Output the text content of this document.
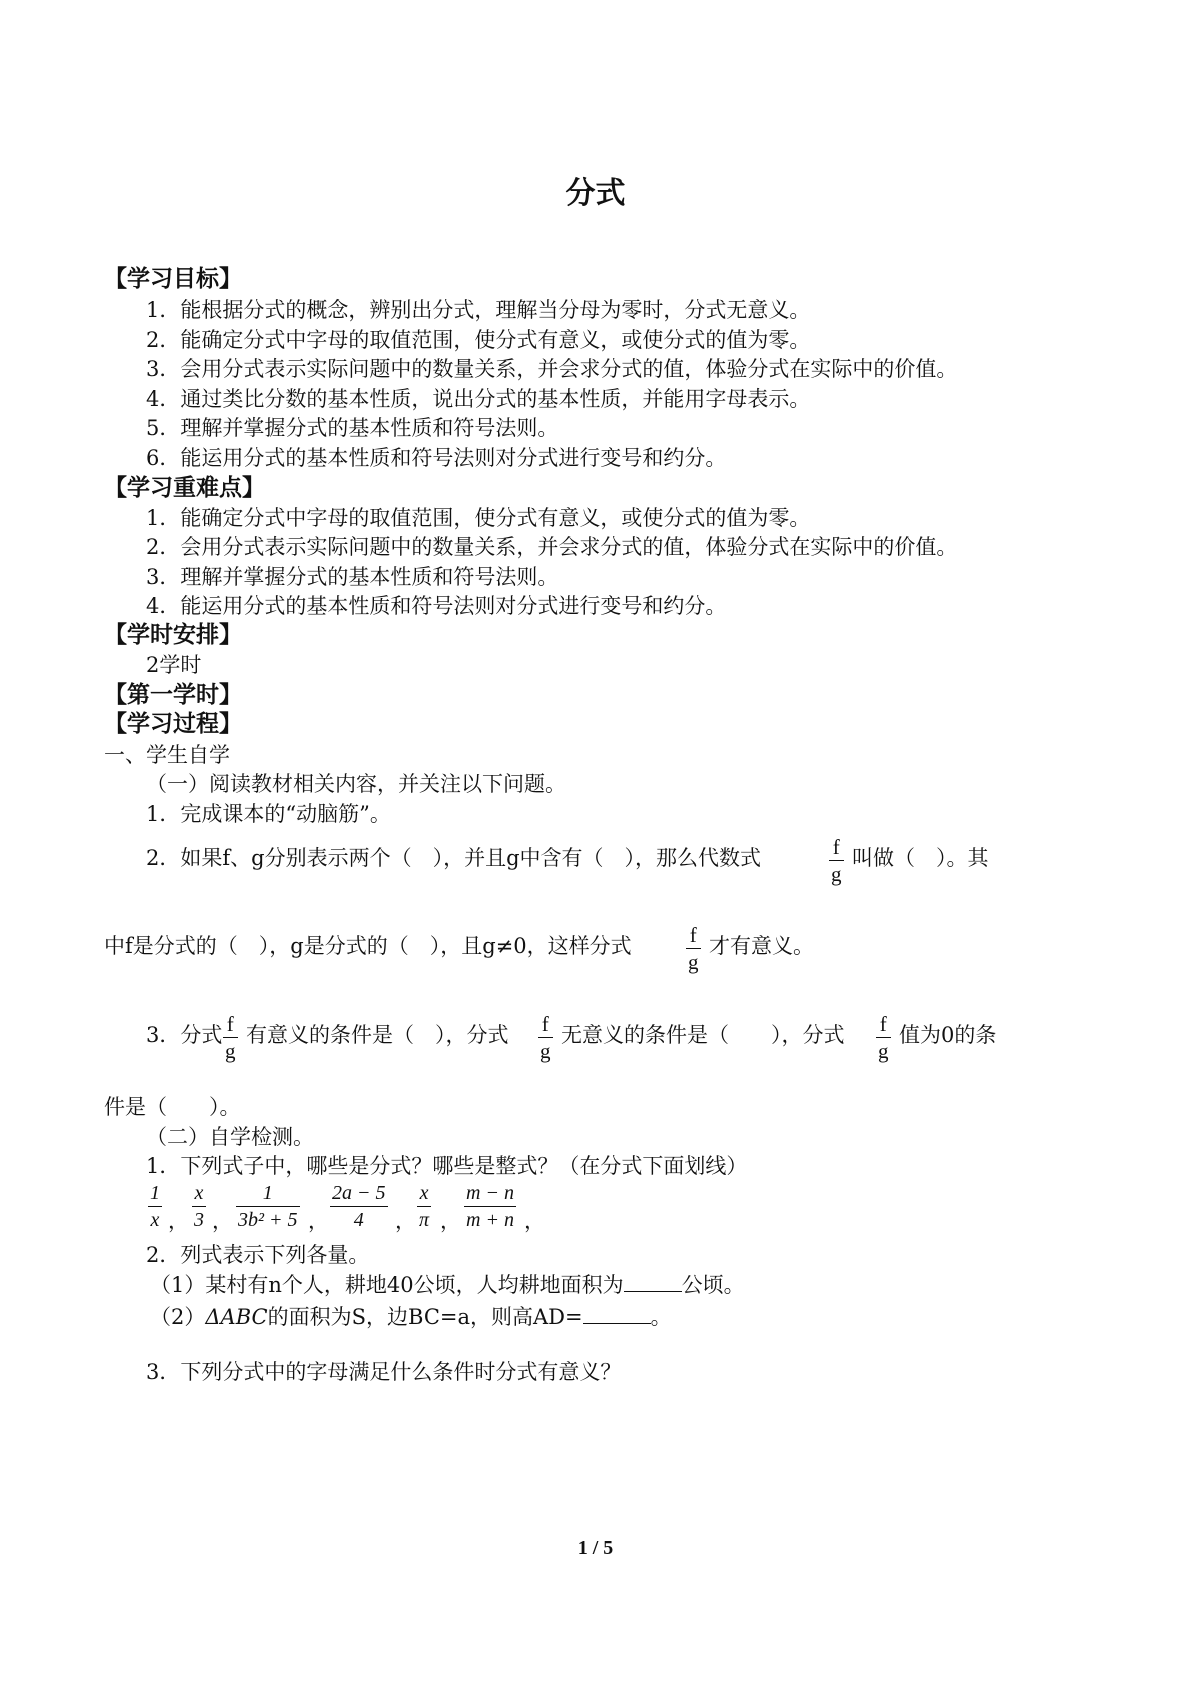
分式
【学习目标】
1．能根据分式的概念，辨别出分式，理解当分母为零时，分式无意义。
2．能确定分式中字母的取值范围，使分式有意义，或使分式的值为零。
3．会用分式表示实际问题中的数量关系，并会求分式的值，体验分式在实际中的价值。
4．通过类比分数的基本性质，说出分式的基本性质，并能用字母表示。
5．理解并掌握分式的基本性质和符号法则。
6．能运用分式的基本性质和符号法则对分式进行变号和约分。
【学习重难点】
1．能确定分式中字母的取值范围，使分式有意义，或使分式的值为零。
2．会用分式表示实际问题中的数量关系，并会求分式的值，体验分式在实际中的价值。
3．理解并掌握分式的基本性质和符号法则。
4．能运用分式的基本性质和符号法则对分式进行变号和约分。
【学时安排】
2学时
【第一学时】
【学习过程】
一、学生自学
（一）阅读教材相关内容，并关注以下问题。
1．完成课本的“动脑筋”。
2．如果f、g分别表示两个（　），并且g中含有（　），那么代数式	$\frac{f}{g}$ 叫做（　）。其
中f是分式的（　），g是分式的（　），且g≠0，这样分式	$\frac{f}{g}$ 才有意义。
3．分式 $\frac{f}{g}$ 有意义的条件是（　），分式 $\frac{f}{g}$ 无意义的条件是（　　），分式 $\frac{f}{g}$ 值为0的条
件是（　　）。
（二）自学检测。
1．下列式子中，哪些是分式？哪些是整式？（在分式下面划线）
$\frac{1}{x}$ ， $\frac{x}{3}$ ， $\frac{1}{\text{3b² + 5}}$ ， $\frac{2a - 5}{4}$ ， $\frac{x}{\pi}$ ， $\frac{m - n}{m + n}$ ，
2．列式表示下列各量。
（1）某村有n个人，耕地40公顷，人均耕地面积为	公顷。
（2）ΔABC的面积为S，边BC=a，则高AD=	。
3．下列分式中的字母满足什么条件时分式有意义？
1 / 5
